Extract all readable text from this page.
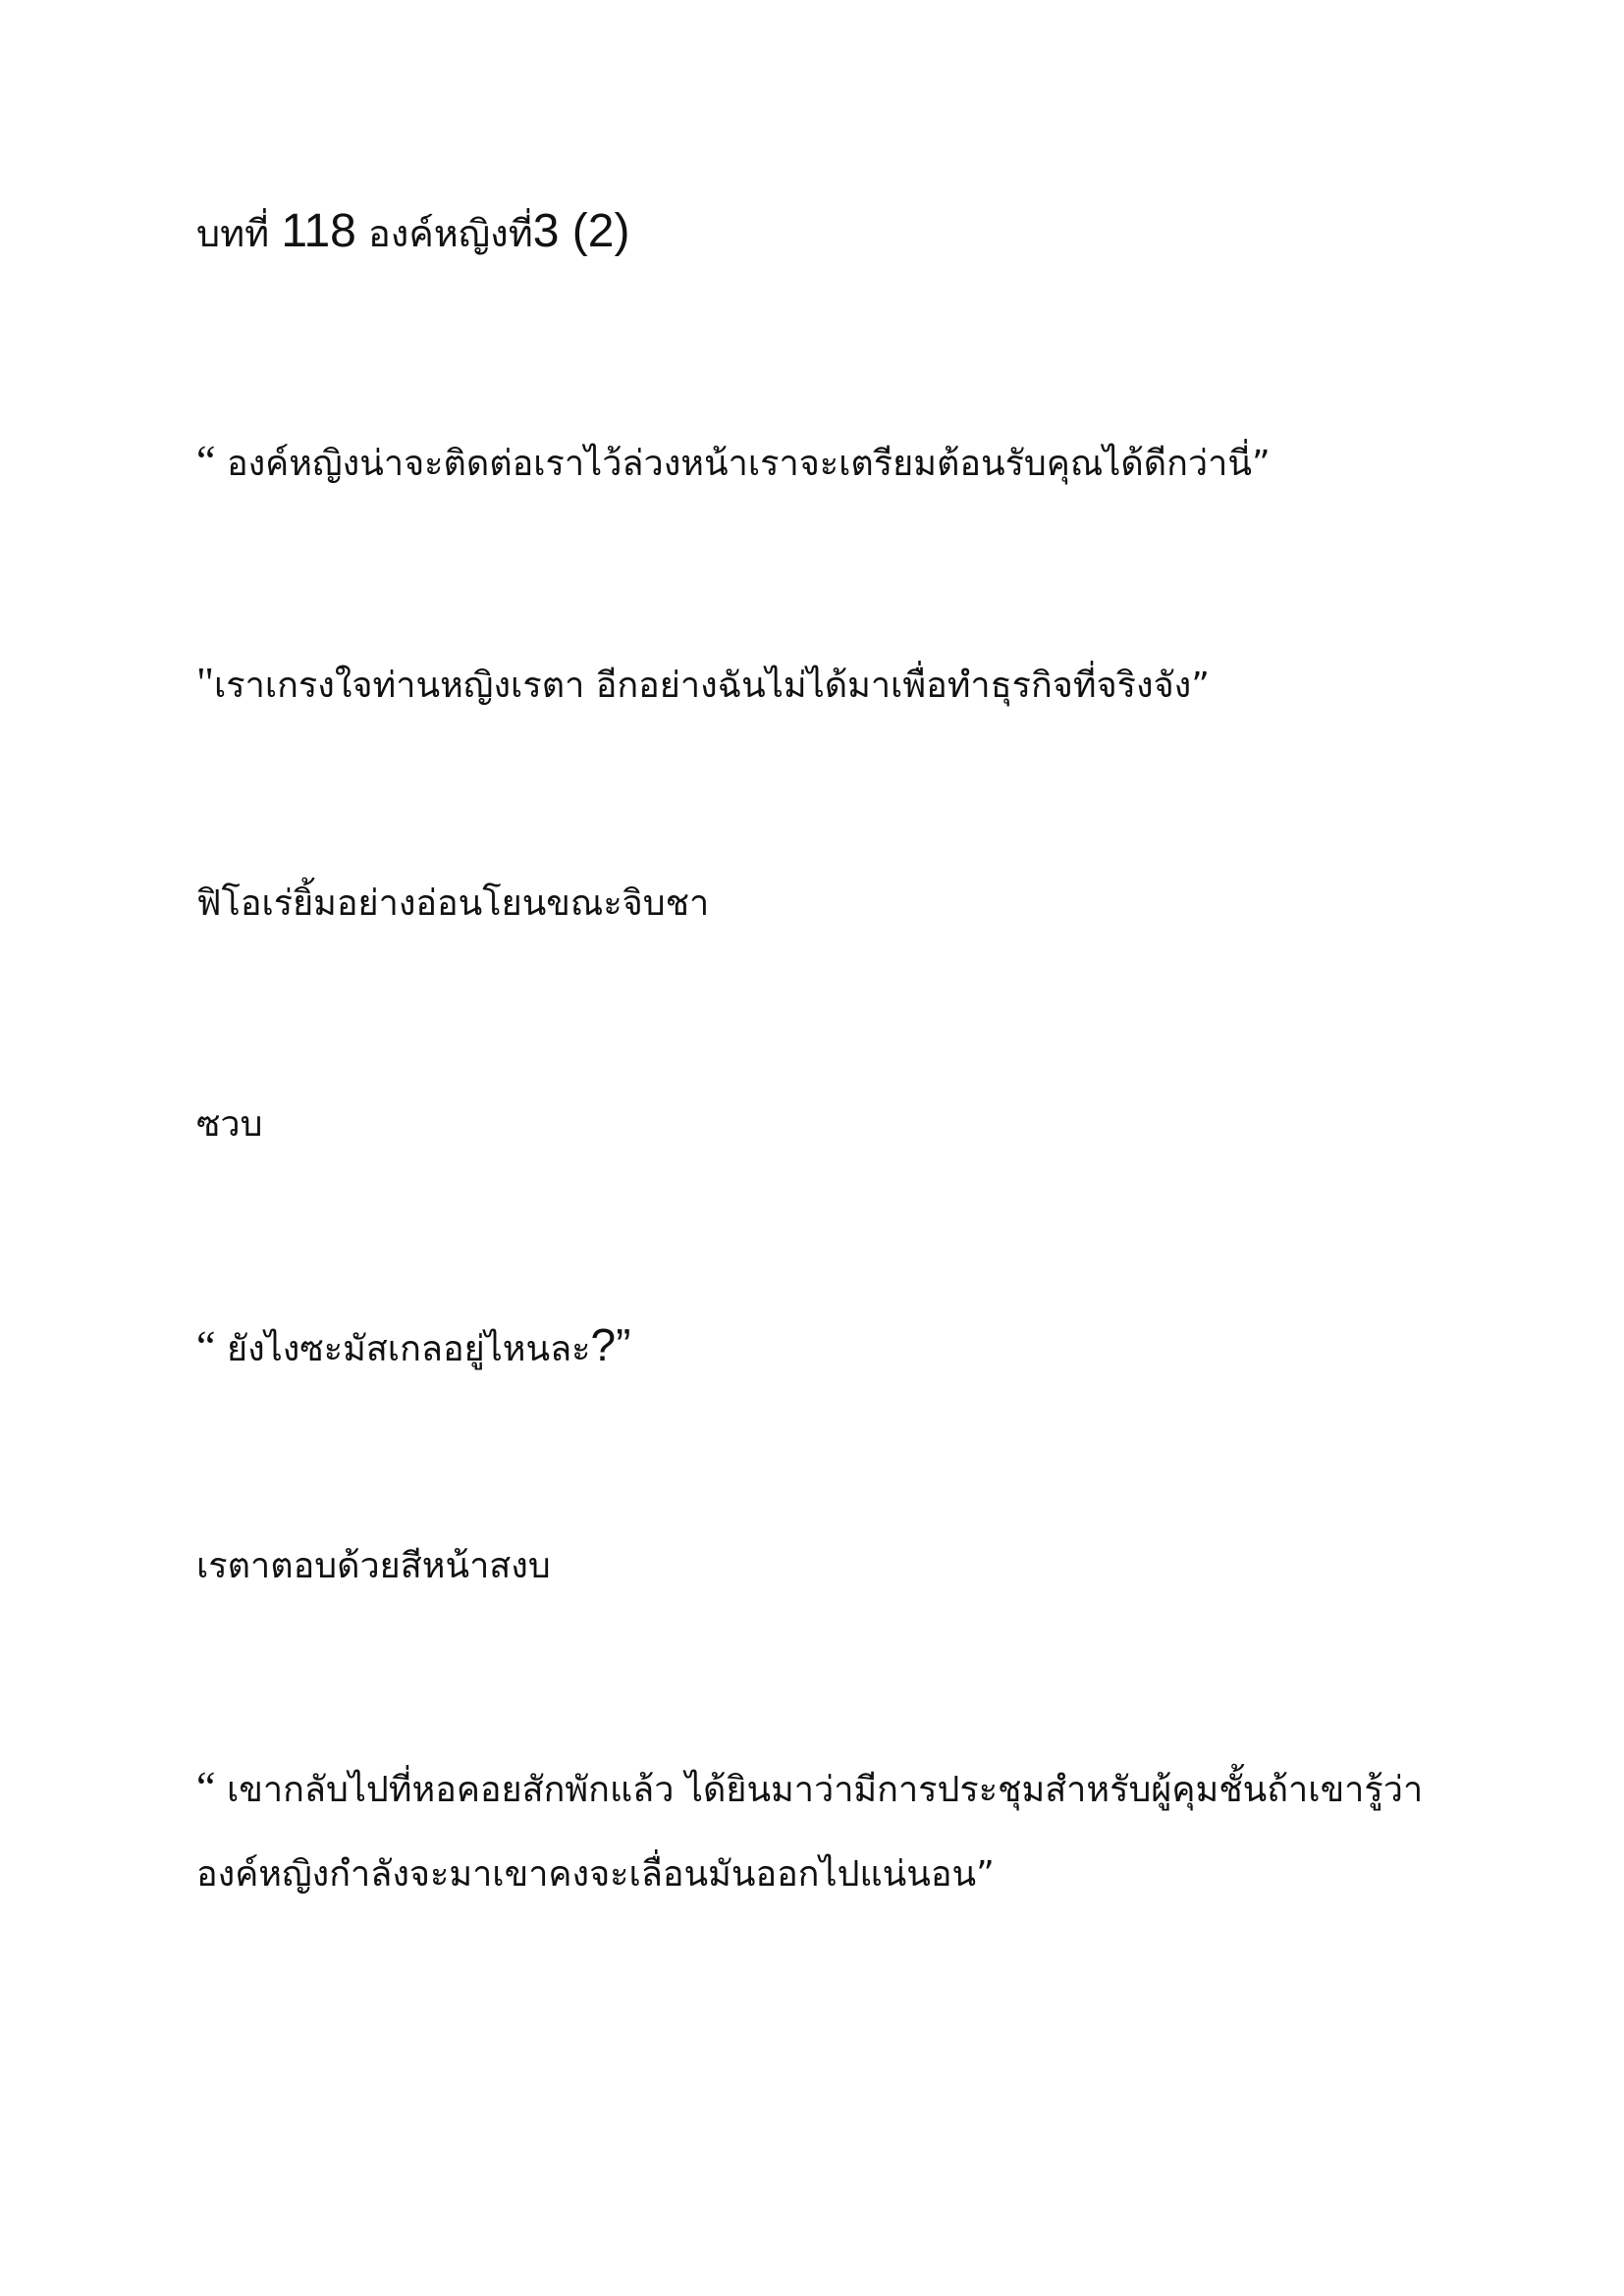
บทที่ 118 องค์หญิงที่3 (2)
“ องค์หญิงน่าจะติดต่อเราไว้ล่วงหน้าเราจะเตรียมต้อนรับคุณได้ดีกว่านี่”
"เราเกรงใจท่านหญิงเรตา อีกอย่างฉันไม่ได้มาเพื่อทำธุรกิจที่จริงจัง”
ฟิโอเร่ยิ้มอย่างอ่อนโยนขณะจิบชา
ซวบ
“ ยังไงซะมัสเกลอยู่ไหนละ?”
เรตาตอบด้วยสีหน้าสงบ
“ เขากลับไปที่หอคอยสักพักแล้ว ได้ยินมาว่ามีการประชุมสำหรับผู้คุมชั้นถ้าเขารู้ว่า
องค์หญิงกำลังจะมาเขาคงจะเลื่อนมันออกไปแน่นอน”
